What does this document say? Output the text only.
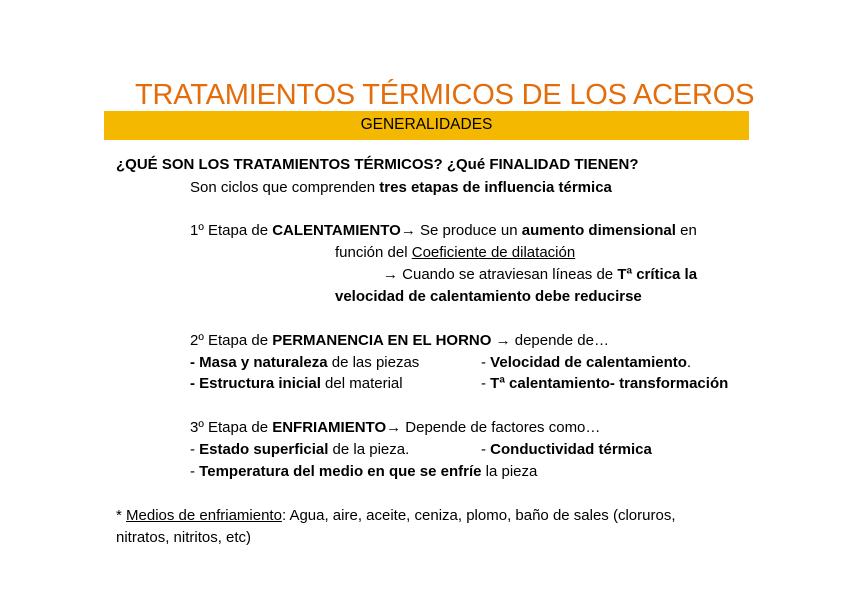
TRATAMIENTOS TÉRMICOS DE LOS ACEROS
GENERALIDADES
¿QUÉ SON LOS TRATAMIENTOS TÉRMICOS? ¿Qué FINALIDAD TIENEN?
Son ciclos que comprenden tres etapas de influencia térmica
1º Etapa de CALENTAMIENTO→ Se produce un aumento dimensional en
función del Coeficiente de dilatación
→ Cuando se atraviesan líneas de Tª crítica la
velocidad de calentamiento debe reducirse
2º Etapa de PERMANENCIA EN EL HORNO → depende de…
- Masa y naturaleza de las piezas	- Velocidad de calentamiento.
- Estructura inicial del material	- Tª calentamiento- transformación
3º Etapa de ENFRIAMIENTO→ Depende de factores como…
- Estado superficial de la pieza.	- Conductividad térmica
- Temperatura del medio en que se enfríe la pieza
* Medios de enfriamiento: Agua, aire, aceite, ceniza, plomo, baño de sales (cloruros,
nitratos, nitritos, etc)
